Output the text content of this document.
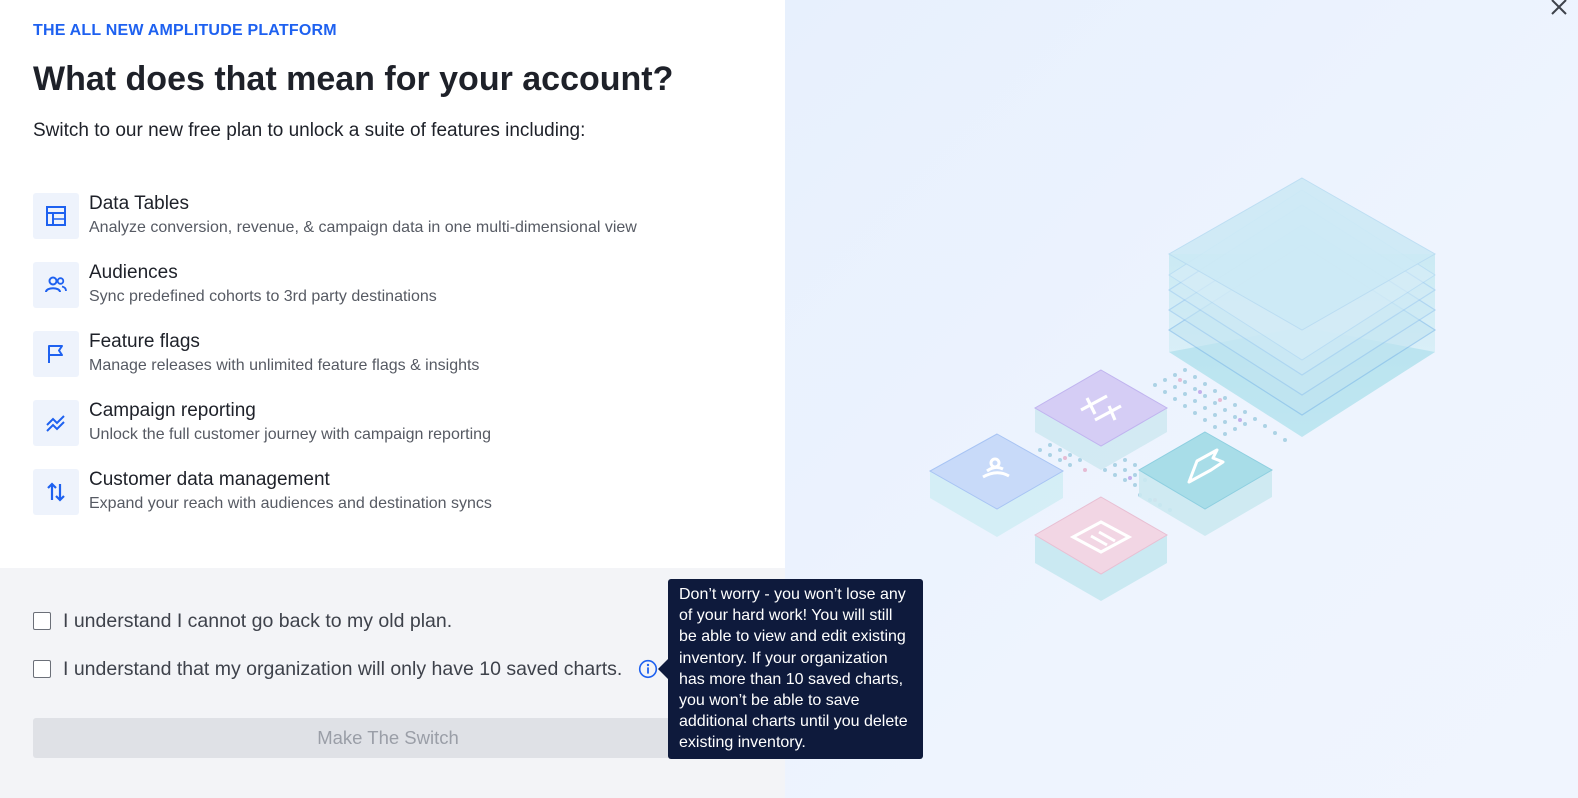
THE ALL NEW AMPLITUDE PLATFORM
What does that mean for your account?
Switch to our new free plan to unlock a suite of features including:
Data Tables
Analyze conversion, revenue, & campaign data in one multi-dimensional view
Audiences
Sync predefined cohorts to 3rd party destinations
Feature flags
Manage releases with unlimited feature flags & insights
Campaign reporting
Unlock the full customer journey with campaign reporting
Customer data management
Expand your reach with audiences and destination syncs
I understand I cannot go back to my old plan.
I understand that my organization will only have 10 saved charts.
Make The Switch
Don’t worry - you won’t lose any of your hard work! You will still be able to view and edit existing inventory. If your organization has more than 10 saved charts, you won’t be able to save additional charts until you delete existing inventory.
